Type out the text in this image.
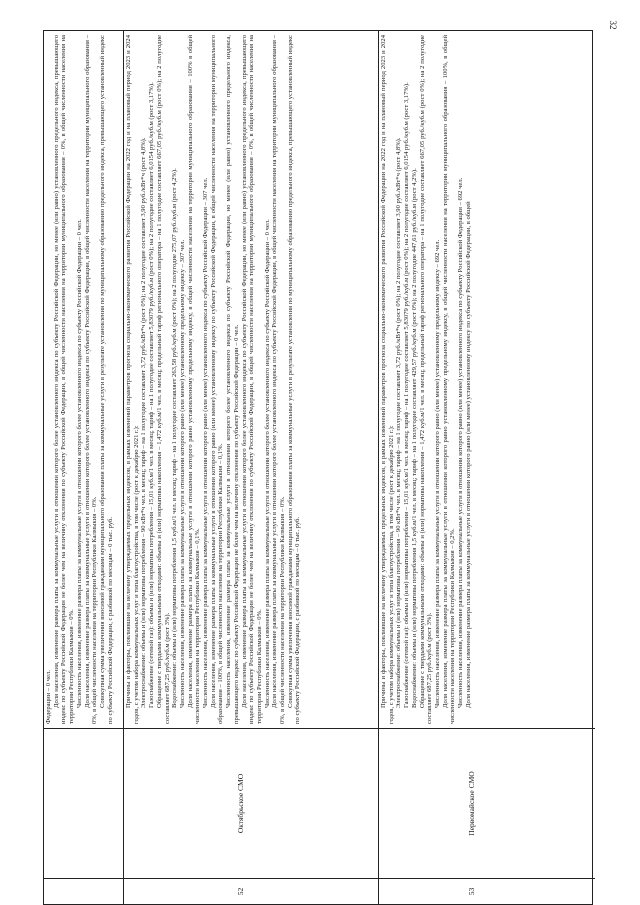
32

Федерации – 0 чел. Доля населения, изменение размера платы за коммунальные услуги в отношении которого более установленного индекса по субъекту Российской Федерации, но менее (или равно) установленного предельного индекса, превышающего индекс по субъекту Российской Федерации не более чем на величину отклонения по субъекту Российской Федерации, в общей численности населения на территории муниципального образования – 0%, в общей численности населения на территории Республики Калмыкия – 0%. Численность населения, изменение размера платы за коммунальные услуги в отношении которого более установленного индекса по субъекту Российской Федерации – 0 чел. Доля населения, изменение размера платы за коммунальные услуги в отношении которого более установленного индекса по субъекту Российской Федерации, в общей численности населения на территории муниципального образования – 0%, в общей численности населения на территории Республики Калмыкия – 0%. Совокупная сумма увеличения вносимой гражданами муниципального образования платы за коммунальные услуги в результате установления по муниципальному образованию предельного индекса, превышающего установленный индекс по субъекту Российской Федерации, с разбивкой по месяцам – 0 тыс. руб.

52
Октябрьское СМО

Причины и факторы, повлиявшие на величину утверждаемых предельных индексов, в рамках изменений параметров прогноза социально-экономического развития Российской Федерации на 2022 год и на плановый период 2023 и 2024 годов, с учетом набора коммунальных услуг и типа благоустройства, в том числе (рост к декабрю 2021 г.): Электроснабжение: объемы и (или) нормативы потребления – 90 кВт*ч чел. в месяц; тариф – на 1 полугодие составляет 3,72 руб./кВт*ч (рост 0%); на 2 полугодие составляет 3,90 руб./кВт*ч (рост 4,8%). Газоснабжение (сетевой газ): объемы и (или) нормативы потребления – 15,01 куб.м/1 чел. в месяц; тариф – на 1 полугодие составляет 5,83079 руб./куб.м (рост 0%); на 2 полугодие составляет 6,0154 руб./куб.м (рост 3,17%). Обращение с твердыми коммунальными отходами: объемы и (или) нормативы накопления – 1,472 куб.м/1 чел. в месяц; предельный тариф регионального оператора – на 1 полугодие составляет 667,05 руб./куб.м (рост 0%); на 2 полугодие составляет 687,25 руб./куб.м (рост 3%). Водоснабжение: объемы и (или) нормативы потребления 1,5 куб.м/1 чел. в месяц; тариф – на 1 полугодие составляет 263,58 руб./куб.м (рост 0%); на 2 полугодие 275,07 руб./куб.м (рост 4,2%). Численность населения, изменение размера платы за коммунальные услуги в отношении которого равно (или менее) установленному предельному индексу – 307 чел. Доля населения, изменение размера платы за коммунальные услуги в отношении которого равно установленному предельному индексу, в общей численности населения на территории муниципального образования – 100% в общей численности населения на территории Республики Калмыкия – 0,1%. Численность населения, изменение размера платы за коммунальные услуги в отношении которого равно (или менее) установленного индекса по субъекту Российской Федерации – 307 чел. Доля населения, изменение размера платы за коммунальные услуги в отношении которого равно (или менее) установленному индексу по субъекту Российской Федерации, в общей численности населения на территории муниципального образования – 100%, в общей численности населения на территории Республики Калмыкия – 0,1%. Численность населения, изменение размера платы за коммунальные услуги в отношении которого более установленного индекса по субъекту Российской Федерации, но менее (или равно) установленного предельного индекса, превышающего индекс по субъекту Российской Федерации не более чем на величину отклонения по субъекту Российской Федерации – 0 чел. Доля населения, изменение размера платы за коммунальные услуги в отношении которого более установленного индекса по субъекту Российской Федерации, но менее (или равно) установленного предельного индекса, превышающего индекс по субъекту Российской Федерации не более чем на величину отклонения по субъекту Российской Федерации, в общей численности населения на территории муниципального образования – 0%, в общей численности населения на территории Республики Калмыкия – 0%. Численность населения, изменение размера платы за коммунальные услуги в отношении которого более установленного индекса по субъекту Российской Федерации – 0 чел. Доля населения, изменение размера платы за коммунальные услуги в отношении которого более установленного индекса по субъекту Российской Федерации, в общей численности населения на территории муниципального образования – 0%, в общей численности населения на территории Республики Калмыкия – 0%. Совокупная сумма увеличения вносимой гражданами муниципального образования платы за коммунальные услуги в результате установления по муниципальному образованию предельного индекса, превышающего установленный индекс по субъекту Российской Федерации, с разбивкой по месяцам – 0 тыс. руб.

53
Первомайское СМО

Причины и факторы, повлиявшие на величину утверждаемых предельных индексов, в рамках изменений параметров прогноза социально-экономического развития Российской Федерации на 2022 год и на плановый период 2023 и 2024 годов, с учетом набора коммунальных услуг и типа благоустройства, в том числе (рост к декабрю 2021 г.): Электроснабжение: объемы и (или) нормативы потребления – 90 кВт*ч чел. в месяц; тариф – на 1 полугодие составляет 3,72 руб./кВт*ч (рост 0%); на 2 полугодие составляет 3,90 руб./кВт*ч (рост 4,8%). Газоснабжение (сетевой газ): объемы и (или) нормативы потребления – 15,01 куб.м/1 чел. в месяц; тариф – на 1 полугодие составляет 5,83079 руб./куб.м (рост 0%); на 2 полугодие составляет 6,0154 руб./куб.м (рост 3,17%). Водоснабжение: объемы и (или) нормативы потребления 1,5 куб.м/1 чел. в месяц; тариф – на 1 полугодие составляет 429,57 руб./куб.м (рост 0%); на 2 полугодие 447,61 руб./куб.м (рост 4,2%). Обращение с твердыми коммунальными отходами: объемы и (или) нормативы накопления – 1,472 куб.м/1 чел. в месяц; предельный тариф регионального оператора – на 1 полугодие составляет 667,05 руб./куб.м (рост 0%); на 2 полугодие составляет 687,25 руб./куб.м (рост 3%). Численность населения, изменение размера платы за коммунальные услуги в отношении которого равно (или менее) установленному предельному индексу – 692 чел. Доля населения, изменение размера платы за коммунальные услуги в отношении которого равно установленному предельному индексу, в общей численности населения на территории муниципального образования – 100%, в общей численности населения на территории Республики Калмыкия – 0,2%. Численность населения, изменение размера платы за коммунальные услуги в отношении которого равно (или менее) установленного индекса по субъекту Российской Федерации – 692 чел. Доля населения, изменение размера платы за коммунальные услуги в отношении которого равно (или менее) установленному индексу по субъекту Российской Федерации, в общей
